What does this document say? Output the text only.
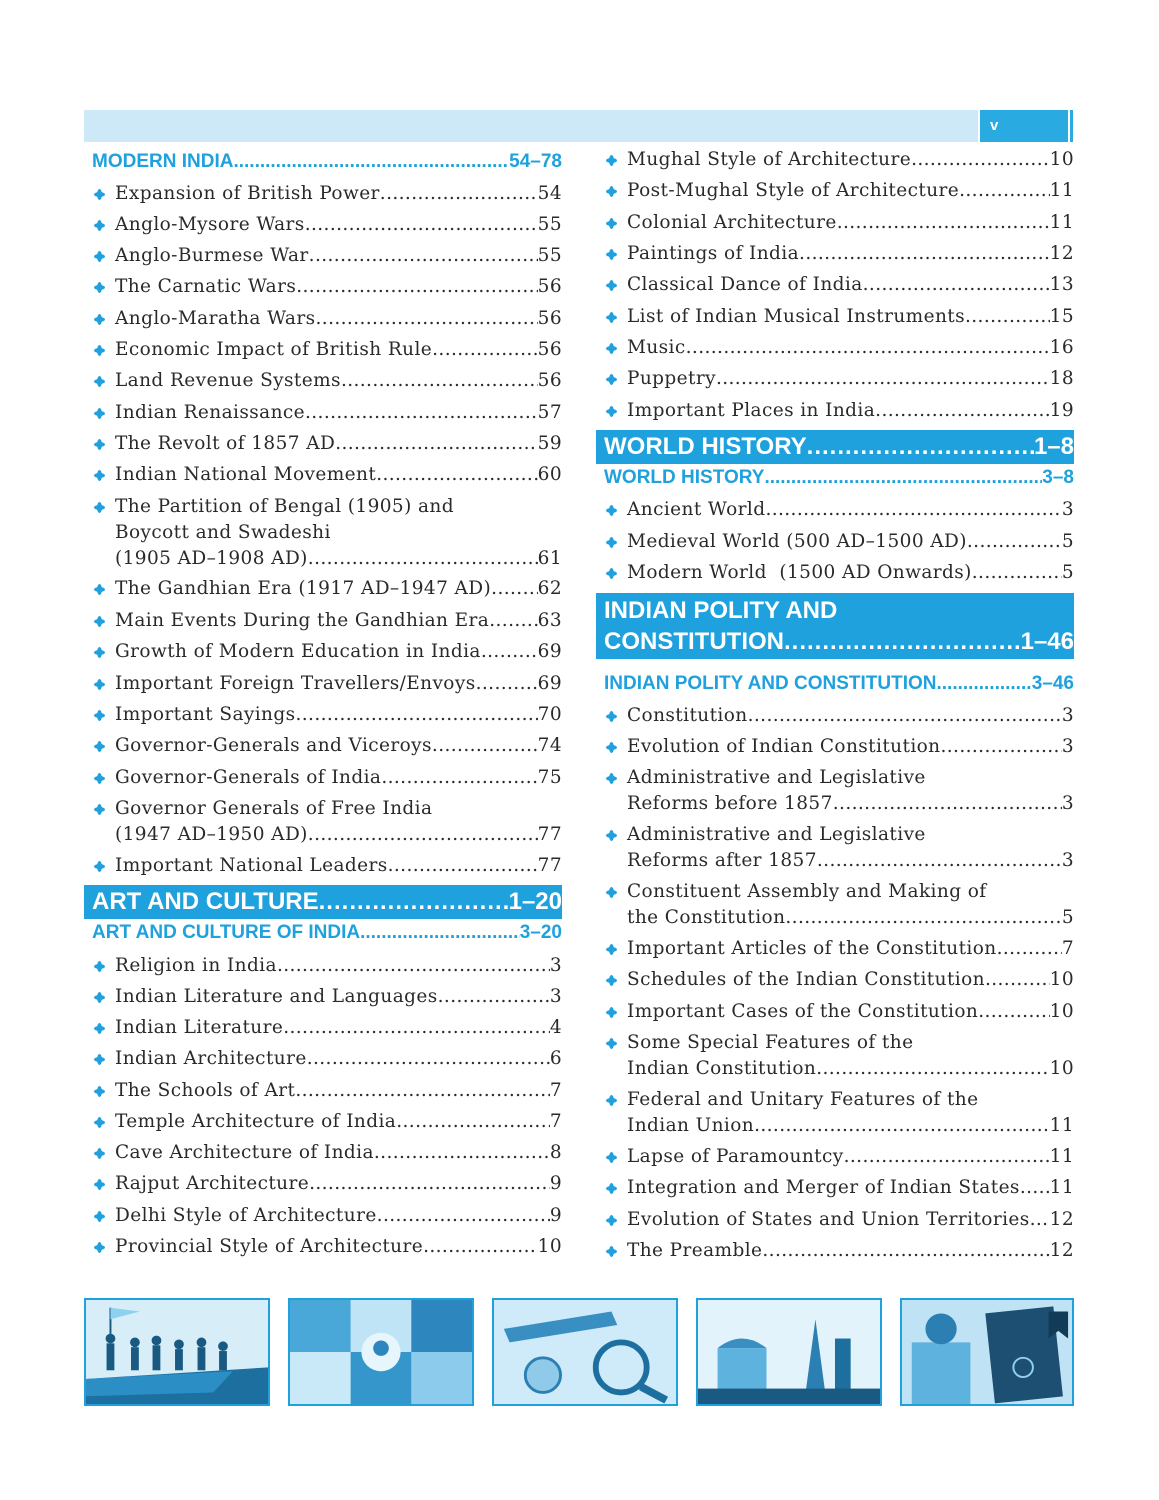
v
MODERN INDIA .....	54–78
Expansion of British Power .....	54
Anglo-Mysore Wars .....	55
Anglo-Burmese War .....	55
The Carnatic Wars .....	56
Anglo-Maratha Wars .....	56
Economic Impact of British Rule .....	56
Land Revenue Systems .....	56
Indian Renaissance .....	57
The Revolt of 1857 AD .....	59
Indian National Movement .....	60
The Partition of Bengal (1905) and
Boycott and Swadeshi
(1905 AD–1908 AD) .....	61
The Gandhian Era (1917 AD–1947 AD) .....	62
Main Events During the Gandhian Era .....	63
Growth of Modern Education in India .....	69
Important Foreign Travellers/Envoys .....	69
Important Sayings .....	70
Governor-Generals and Viceroys .....	74
Governor-Generals of India .....	75
Governor Generals of Free India
(1947 AD–1950 AD) .....	77
Important National Leaders .....	77
ART AND CULTURE .....	1–20
ART AND CULTURE OF INDIA .....	3–20
Religion in India .....	3
Indian Literature and Languages .....	3
Indian Literature .....	4
Indian Architecture .....	6
The Schools of Art .....	7
Temple Architecture of India .....	7
Cave Architecture of India .....	8
Rajput Architecture .....	9
Delhi Style of Architecture .....	9
Provincial Style of Architecture .....	10
Mughal Style of Architecture .....	10
Post-Mughal Style of Architecture .....	11
Colonial Architecture .....	11
Paintings of India .....	12
Classical Dance of India .....	13
List of Indian Musical Instruments .....	15
Music .....	16
Puppetry .....	18
Important Places in India .....	19
WORLD HISTORY .....	1–8
WORLD HISTORY .....	3–8
Ancient World .....	3
Medieval World (500 AD–1500 AD) .....	5
Modern World  (1500 AD Onwards) .....	5
INDIAN POLITY AND
CONSTITUTION .....	1–46
INDIAN POLITY AND CONSTITUTION .....	3–46
Constitution .....	3
Evolution of Indian Constitution .....	3
Administrative and Legislative
Reforms before 1857 .....	3
Administrative and Legislative
Reforms after 1857 .....	3
Constituent Assembly and Making of
the Constitution .....	5
Important Articles of the Constitution .....	7
Schedules of the Indian Constitution .....	10
Important Cases of the Constitution .....	10
Some Special Features of the
Indian Constitution .....	10
Federal and Unitary Features of the
Indian Union .....	11
Lapse of Paramountcy .....	11
Integration and Merger of Indian States ..... 11
Evolution of States and Union Territories ..... 12
The Preamble .....	12
